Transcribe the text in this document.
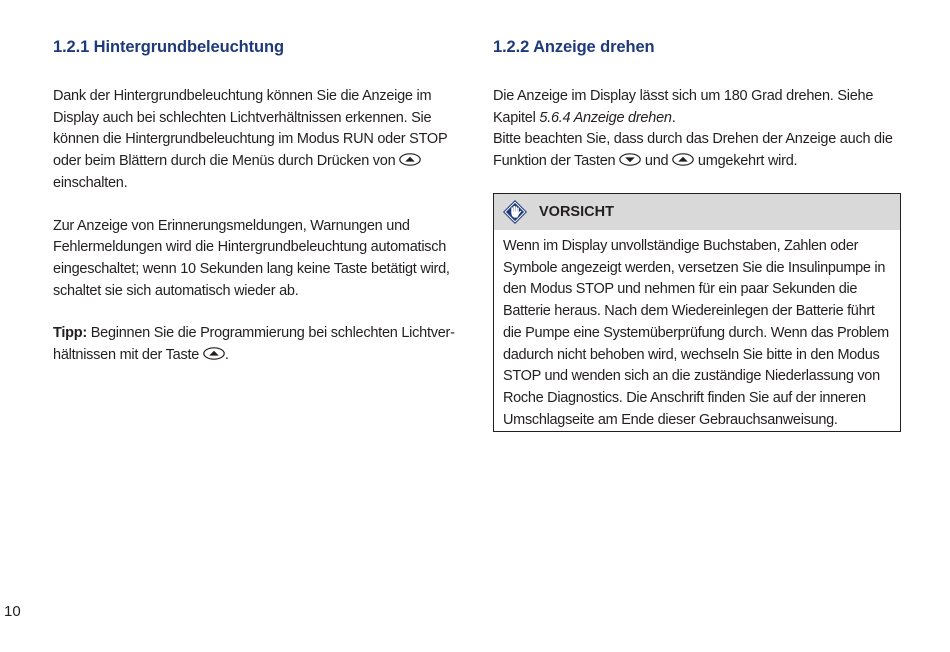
1.2.1 Hintergrundbeleuchtung

Dank der Hintergrundbeleuchtung können Sie die Anzeige im Display auch bei schlechten Lichtverhältnissen erkennen. Sie können die Hintergrundbeleuchtung im Modus RUN oder STOP oder beim Blättern durch die Menüs durch Drücken von

einschalten.

Zur Anzeige von Erinnerungsmeldungen, Warnungen und Fehlermeldungen wird die Hintergrundbeleuchtung automatisch eingeschaltet; wenn 10 Sekunden lang keine Taste betätigt wird, schaltet sie sich automatisch wieder ab.

Tipp: Beginnen Sie die Programmierung bei schlechten Lichtverhältnissen mit der Taste .

1.2.2 Anzeige drehen

Die Anzeige im Display lässt sich um 180 Grad drehen. Siehe Kapitel 5.6.4 Anzeige drehen.
Bitte beachten Sie, dass durch das Drehen der Anzeige auch die Funktion der Tasten und umgekehrt wird.

VORSICHT

Wenn im Display unvollständige Buchstaben, Zahlen oder Symbole angezeigt werden, versetzen Sie die Insulinpumpe in den Modus STOP und nehmen für ein paar Sekunden die Batterie heraus. Nach dem Wiedereinlegen der Batterie führt die Pumpe eine Systemüberprüfung durch. Wenn das Problem dadurch nicht behoben wird, wechseln Sie bitte in den Modus STOP und wenden sich an die zuständige Niederlassung von Roche Diagnostics. Die Anschrift finden Sie auf der inneren Umschlagseite am Ende dieser Gebrauchsanweisung.

10
